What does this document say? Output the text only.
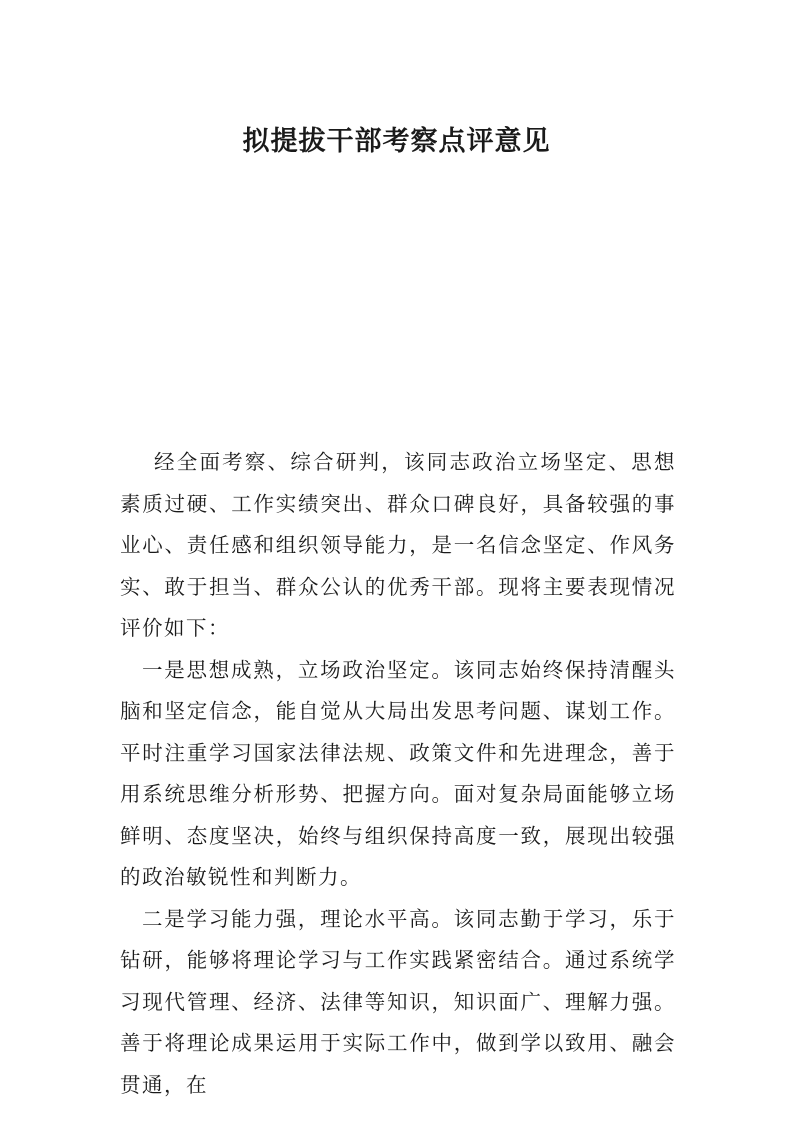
拟提拔干部考察点评意见

经全面考察、综合研判，该同志政治立场坚定、思想素质过硬、工作实绩突出、群众口碑良好，具备较强的事业心、责任感和组织领导能力，是一名信念坚定、作风务实、敢于担当、群众公认的优秀干部。现将主要表现情况评价如下：

一是思想成熟，立场政治坚定。该同志始终保持清醒头脑和坚定信念，能自觉从大局出发思考问题、谋划工作。平时注重学习国家法律法规、政策文件和先进理念，善于用系统思维分析形势、把握方向。面对复杂局面能够立场鲜明、态度坚决，始终与组织保持高度一致，展现出较强的政治敏锐性和判断力。

二是学习能力强，理论水平高。该同志勤于学习，乐于钻研，能够将理论学习与工作实践紧密结合。通过系统学习现代管理、经济、法律等知识，知识面广、理解力强。善于将理论成果运用于实际工作中，做到学以致用、融会贯通，在
